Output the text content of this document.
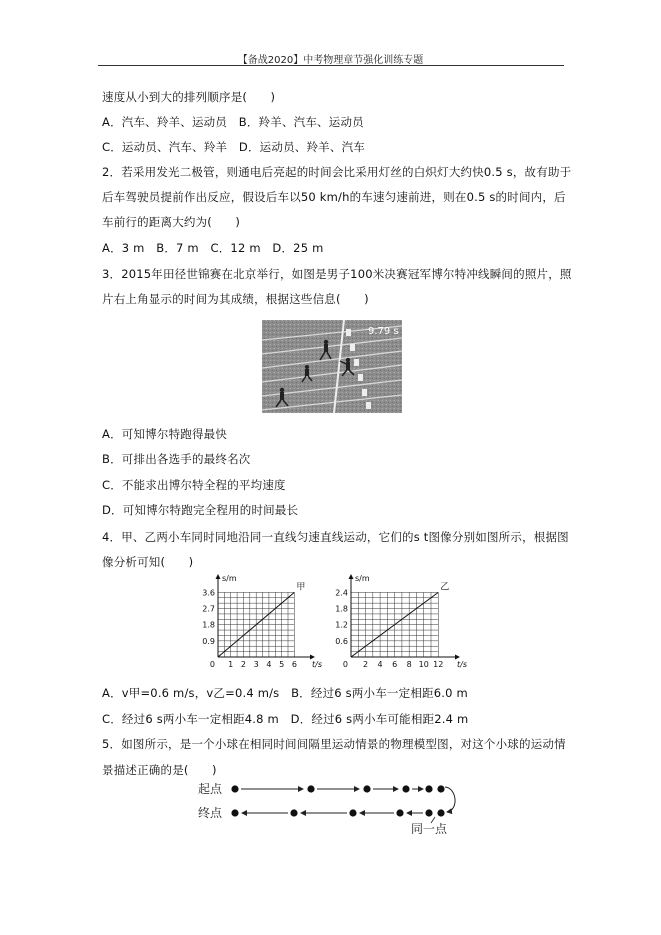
【备战2020】中考物理章节强化训练专题
速度从小到大的排列顺序是(　　)
A．汽车、羚羊、运动员　B．羚羊、汽车、运动员
C．运动员、汽车、羚羊　D．运动员、羚羊、汽车
2．若采用发光二极管，则通电后亮起的时间会比采用灯丝的白炽灯大约快0.5 s，故有助于
后车驾驶员提前作出反应，假设后车以50 km/h的车速匀速前进，则在0.5 s的时间内，后
车前行的距离大约为(　　)
A．3 m　B．7 m　C．12 m　D．25 m
3．2015年田径世锦赛在北京举行，如图是男子100米决赛冠军博尔特冲线瞬间的照片，照
片右上角显示的时间为其成绩，根据这些信息(　　)
A．可知博尔特跑得最快
B．可排出各选手的最终名次
C．不能求出博尔特全程的平均速度
D．可知博尔特跑完全程用的时间最长
4．甲、乙两小车同时同地沿同一直线匀速直线运动，它们的s t图像分别如图所示，根据图
像分析可知(　　)
A．v甲=0.6 m/s，v乙=0.4 m/s　B．经过6 s两小车一定相距6.0 m
C．经过6 s两小车一定相距4.8 m　D．经过6 s两小车可能相距2.4 m
5．如图所示，是一个小球在相同时间间隔里运动情景的物理模型图，对这个小球的运动情
景描述正确的是(　　)
9.79 s
1 2 3 4 5 6
0.9
1.8
2.7
3.6
0	t/s
s/m
甲
2 4 6 8 10 12
0.6
1.2
1.8
2.4
0	t/s
s/m
乙
起点
终点
同一点
